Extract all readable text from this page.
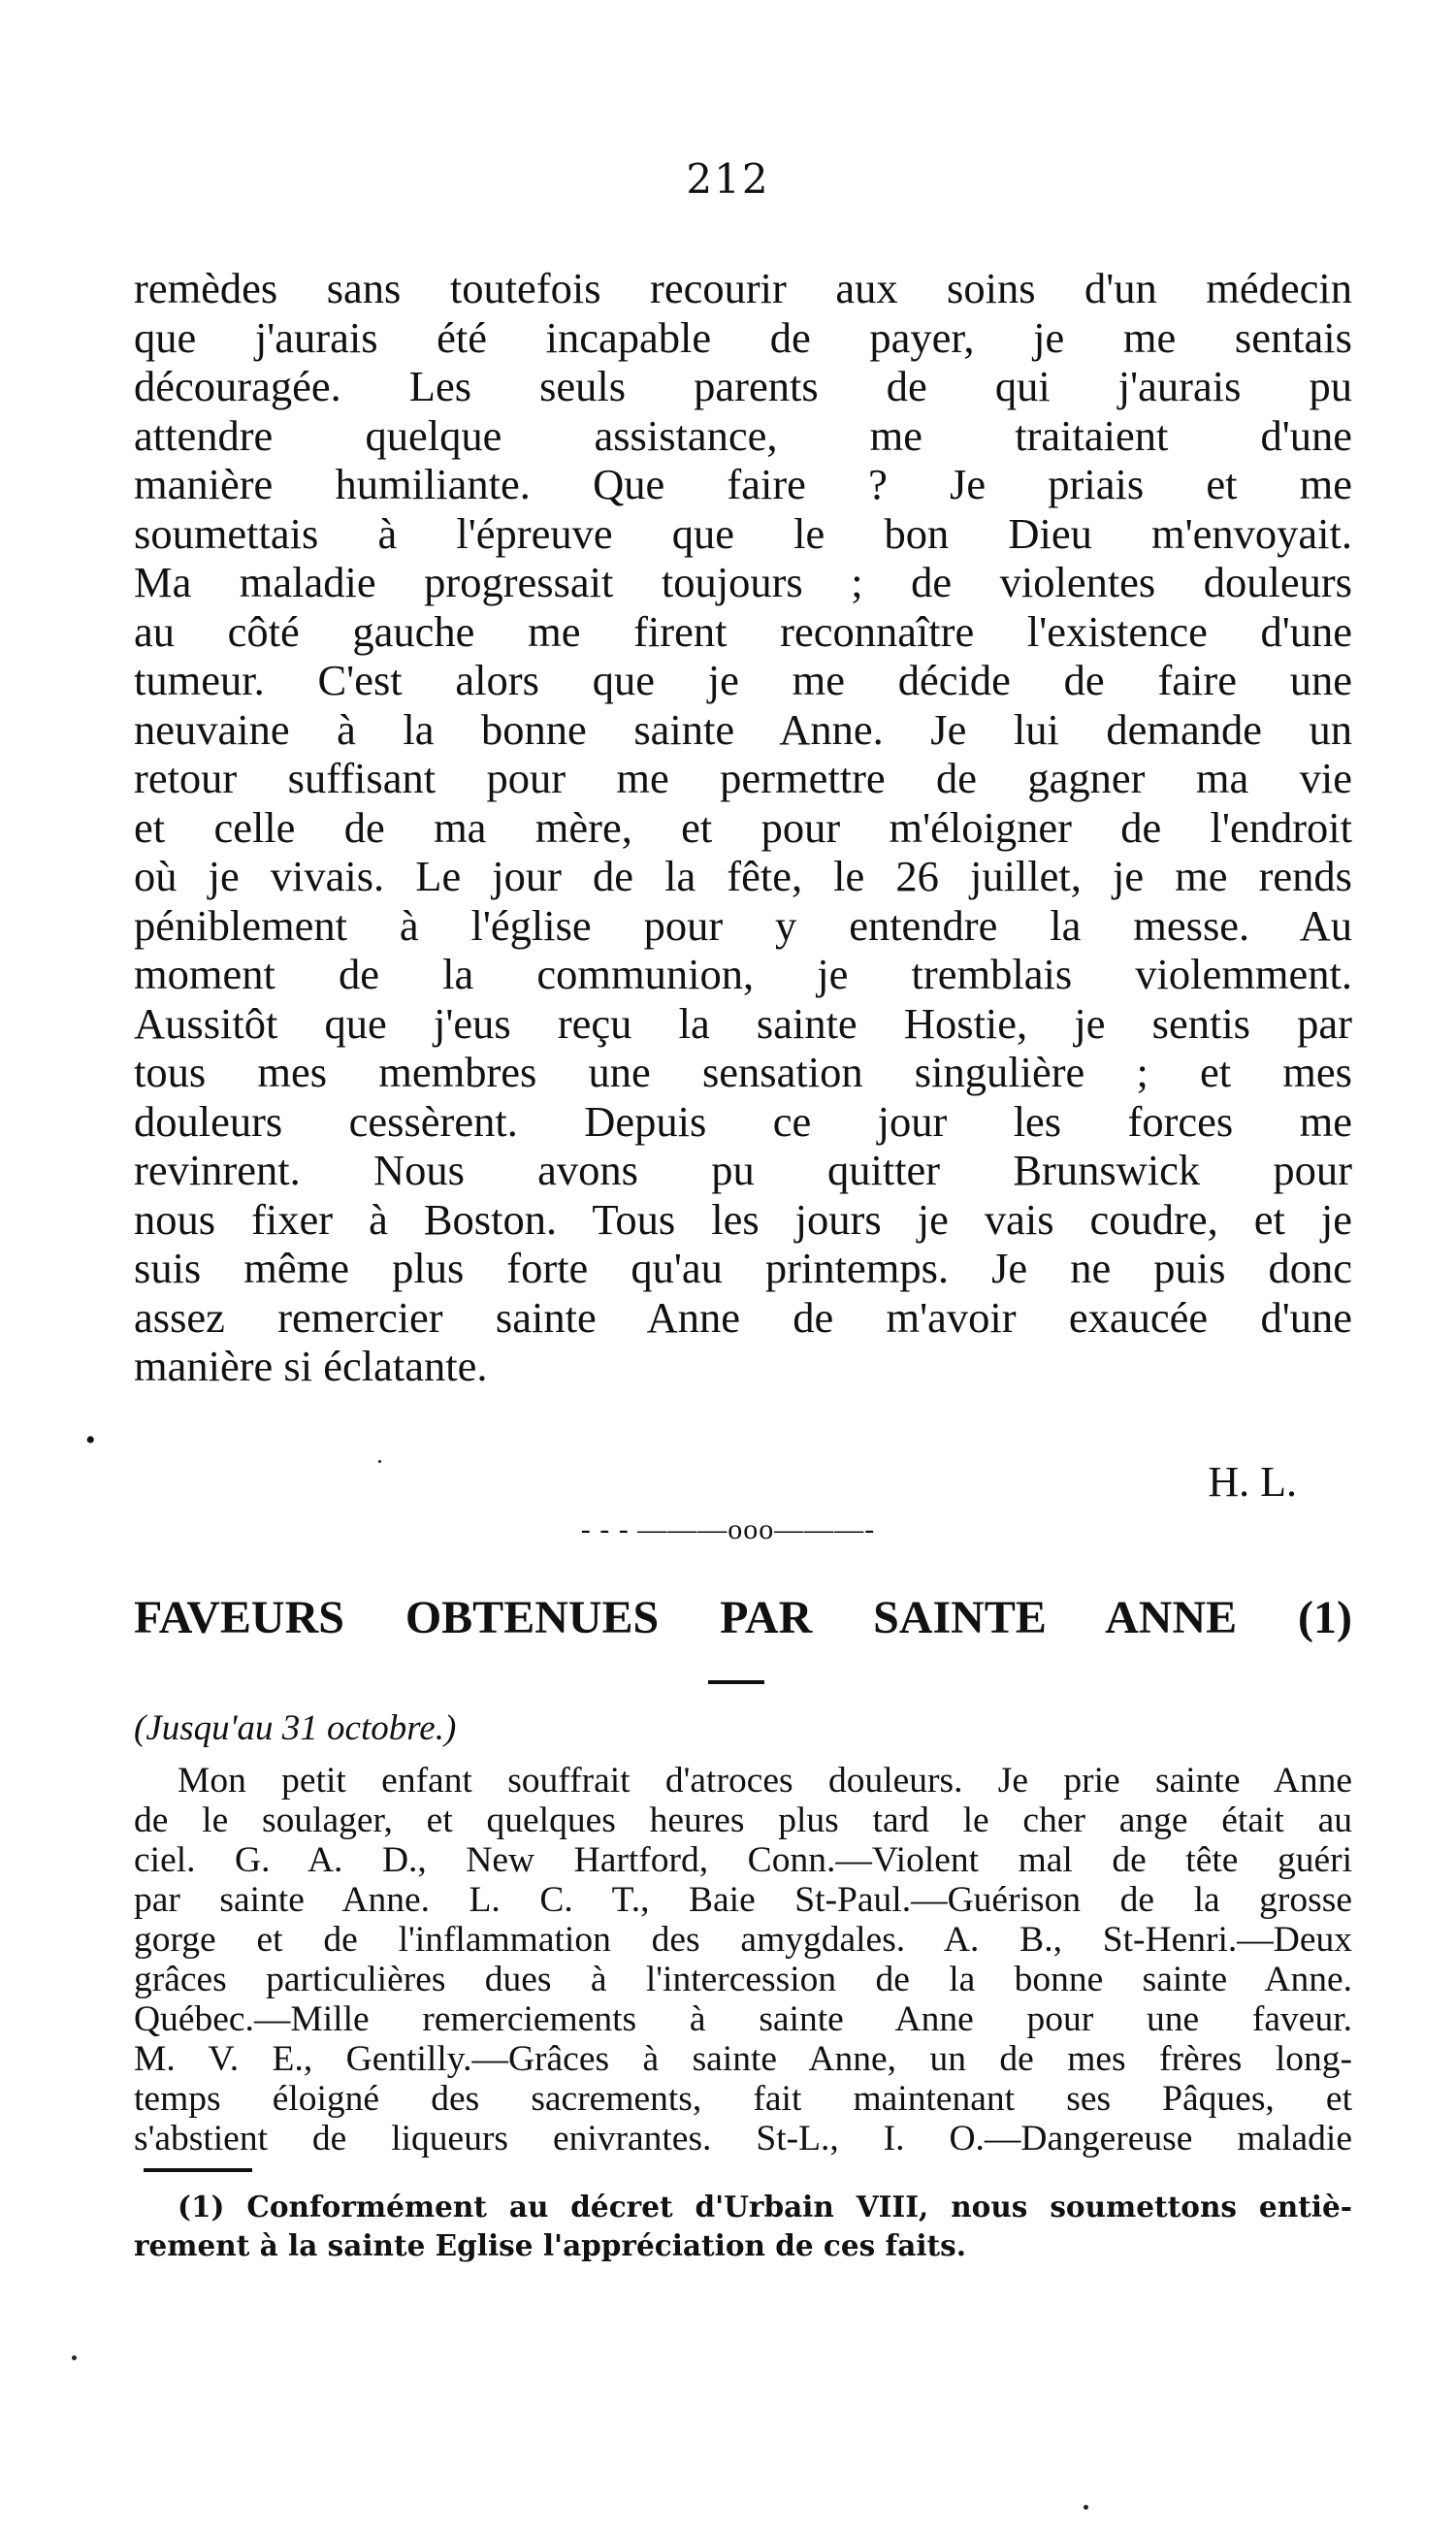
212
remèdes sans toutefois recourir aux soins d'un médecin
que j'aurais été incapable de payer, je me sentais
découragée. Les seuls parents de qui j'aurais pu
attendre quelque assistance, me traitaient d'une
manière humiliante. Que faire ? Je priais et me
soumettais à l'épreuve que le bon Dieu m'envoyait.
Ma maladie progressait toujours ; de violentes douleurs
au côté gauche me firent reconnaître l'existence d'une
tumeur. C'est alors que je me décide de faire une
neuvaine à la bonne sainte Anne. Je lui demande un
retour suffisant pour me permettre de gagner ma vie
et celle de ma mère, et pour m'éloigner de l'endroit
où je vivais. Le jour de la fête, le 26 juillet, je me rends
péniblement à l'église pour y entendre la messe. Au
moment de la communion, je tremblais violemment.
Aussitôt que j'eus reçu la sainte Hostie, je sentis par
tous mes membres une sensation singulière ; et mes
douleurs cessèrent. Depuis ce jour les forces me
revinrent. Nous avons pu quitter Brunswick pour
nous fixer à Boston. Tous les jours je vais coudre, et je
suis même plus forte qu'au printemps. Je ne puis donc
assez remercier sainte Anne de m'avoir exaucée d'une
manière si éclatante.
•
H. L.
- - - ———ooo———-
FAVEURS OBTENUES PAR SAINTE ANNE (1)
(Jusqu'au 31 octobre.)
Mon petit enfant souffrait d'atroces douleurs. Je prie sainte Anne
de le soulager, et quelques heures plus tard le cher ange était au
ciel. G. A. D., New Hartford, Conn.—Violent mal de tête guéri
par sainte Anne. L. C. T., Baie St-Paul.—Guérison de la grosse
gorge et de l'inflammation des amygdales. A. B., St-Henri.—Deux
grâces particulières dues à l'intercession de la bonne sainte Anne.
Québec.—Mille remerciements à sainte Anne pour une faveur.
M. V. E., Gentilly.—Grâces à sainte Anne, un de mes frères long-
temps éloigné des sacrements, fait maintenant ses Pâques, et
s'abstient de liqueurs enivrantes. St-L., I. O.—Dangereuse maladie
(1) Conformément au décret d'Urbain VIII, nous soumettons entiè-
rement à la sainte Eglise l'appréciation de ces faits.
